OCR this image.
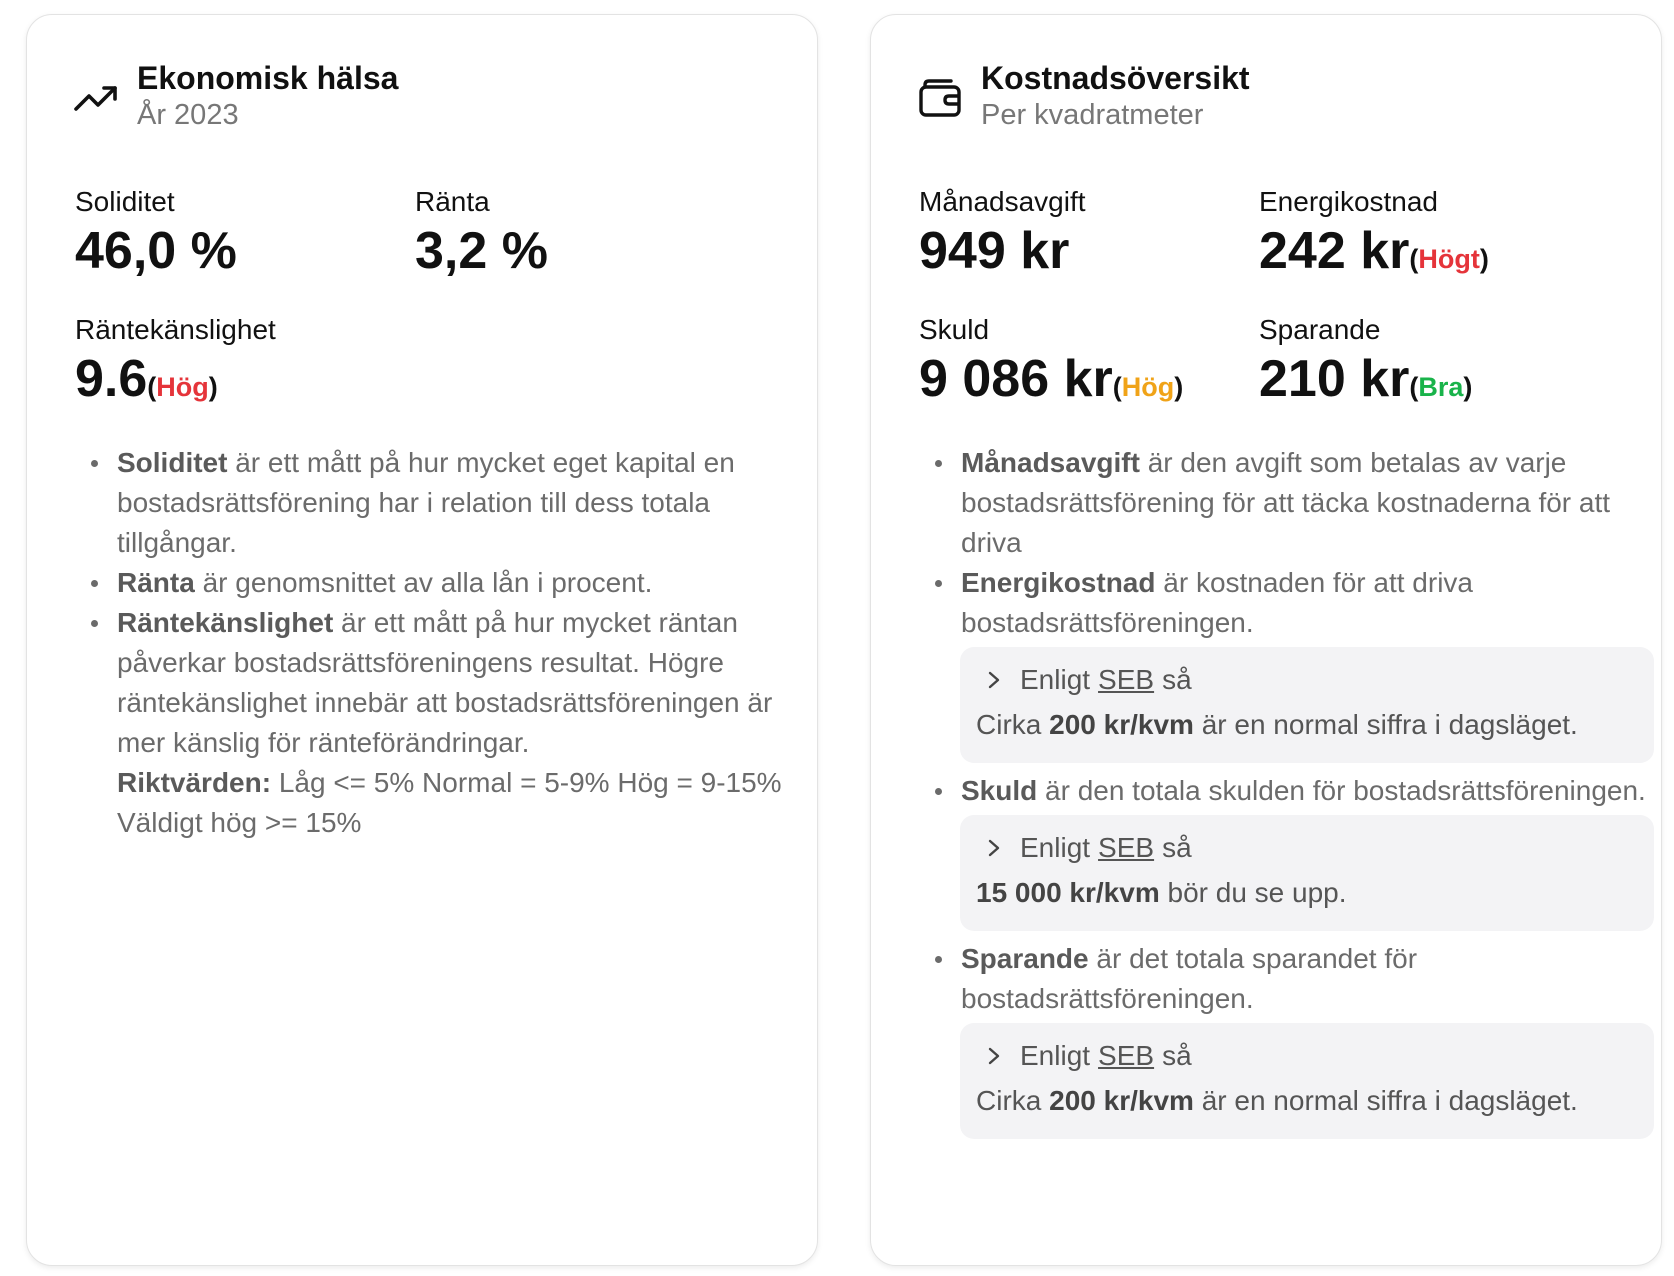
Ekonomisk hälsa
År 2023
Soliditet
46,0 %
Ränta
3,2 %
Räntekänslighet
9.6(Hög)
Soliditet är ett mått på hur mycket eget kapital en bostadsrättsförening har i relation till dess totala tillgångar.
Ränta är genomsnittet av alla lån i procent.
Räntekänslighet är ett mått på hur mycket räntan påverkar bostadsrättsföreningens resultat. Högre räntekänslighet innebär att bostadsrättsföreningen är mer känslig för ränteförändringar.
Riktvärden: Låg <= 5% Normal = 5-9% Hög = 9-15% Väldigt hög >= 15%
Kostnadsöversikt
Per kvadratmeter
Månadsavgift
949 kr
Energikostnad
242 kr(Högt)
Skuld
9 086 kr(Hög)
Sparande
210 kr(Bra)
Månadsavgift är den avgift som betalas av varje bostadsrättsförening för att täcka kostnaderna för att driva
Energikostnad är kostnaden för att driva bostadsrättsföreningen.
Enligt SEB så
Cirka 200 kr/kvm är en normal siffra i dagsläget.
Skuld är den totala skulden för bostadsrättsföreningen.
Enligt SEB så
15 000 kr/kvm bör du se upp.
Sparande är det totala sparandet för bostadsrättsföreningen.
Enligt SEB så
Cirka 200 kr/kvm är en normal siffra i dagsläget.
